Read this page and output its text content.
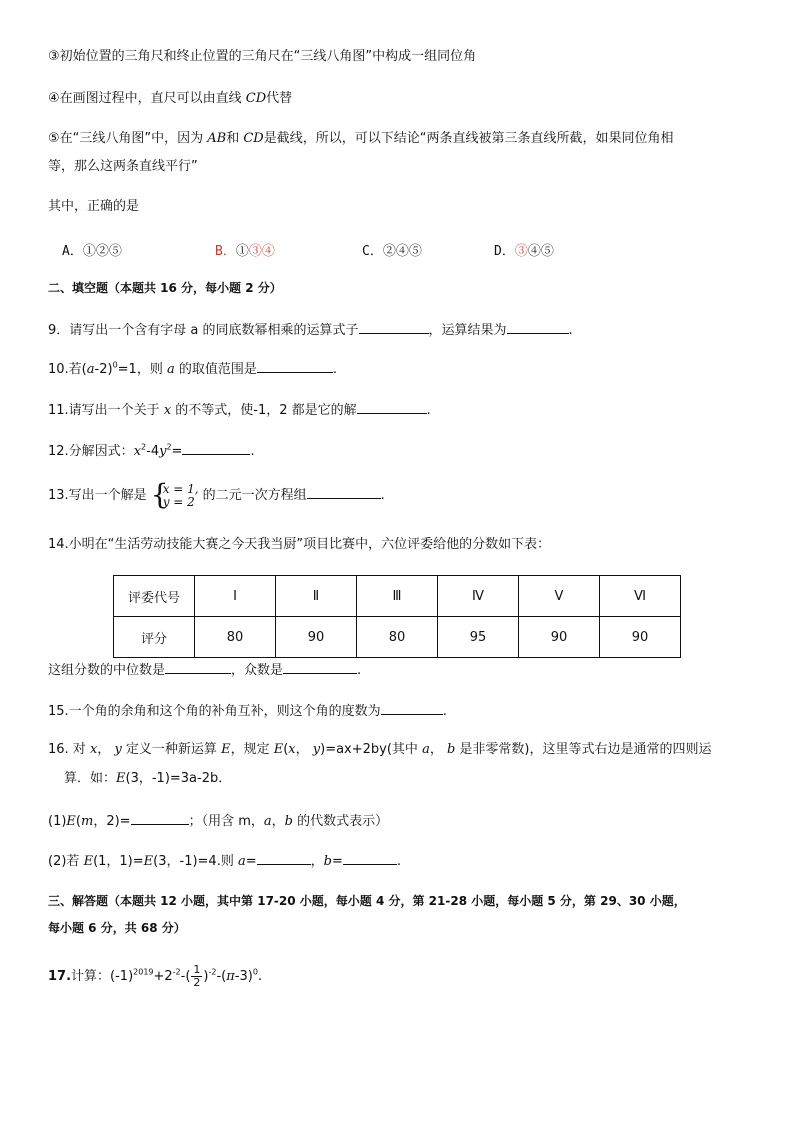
③初始位置的三角尺和终止位置的三角尺在“三线八角图”中构成一组同位角
④在画图过程中，直尺可以由直线 CD代替
⑤在“三线八角图”中，因为 AB和 CD是截线，所以，可以下结论“两条直线被第三条直线所截，如果同位角相
等，那么这两条直线平行”
其中，正确的是
A．①②⑤	B．①③④	C．②④⑤	D．③④⑤
二、填空题（本题共 16 分，每小题 2 分）
9．请写出一个含有字母 a 的同底数幂相乘的运算式子	，运算结果为	.
10.若$(a-2)^0=1$，则 a 的取值范围是	.
11.请写出一个关于 x 的不等式，使-1，2 都是它的解	.
12.分解因式：$x^2-4y^2=$	.
13.写出一个解是 {
x = 1,
y = 2 的二元一次方程组	.
14.小明在“生活劳动技能大赛之今天我当厨”项目比赛中，六位评委给他的分数如下表：
评委代号	Ⅰ	Ⅱ	Ⅲ	Ⅳ	Ⅴ	Ⅵ
评分	80	90	80	95	90	90
这组分数的中位数是	，众数是	.
15.一个角的余角和这个角的补角互补，则这个角的度数为	.
16. 对 x， y 定义一种新运算 E，规定 E(x， y)=ax+2by(其中 a， b 是非零常数)，这里等式右边是通常的四则运
算．如：E(3，-1)=3a-2b．
(1)E(m，2)=	；（用含 m，a，b 的代数式表示）
(2)若 E(1，1)=E(3，-1)=4.则 a=	，b=	.
三、解答题（本题共 12 小题，其中第 17-20 小题，每小题 4 分，第 21-28 小题，每小题 5 分，第 29、30 小题，
每小题 6 分，共 68 分）
17.计算：$(-1)^{2019}+2^{-2}-( \frac{1}{2} )^{-2}-(\pi-3)^0$.
